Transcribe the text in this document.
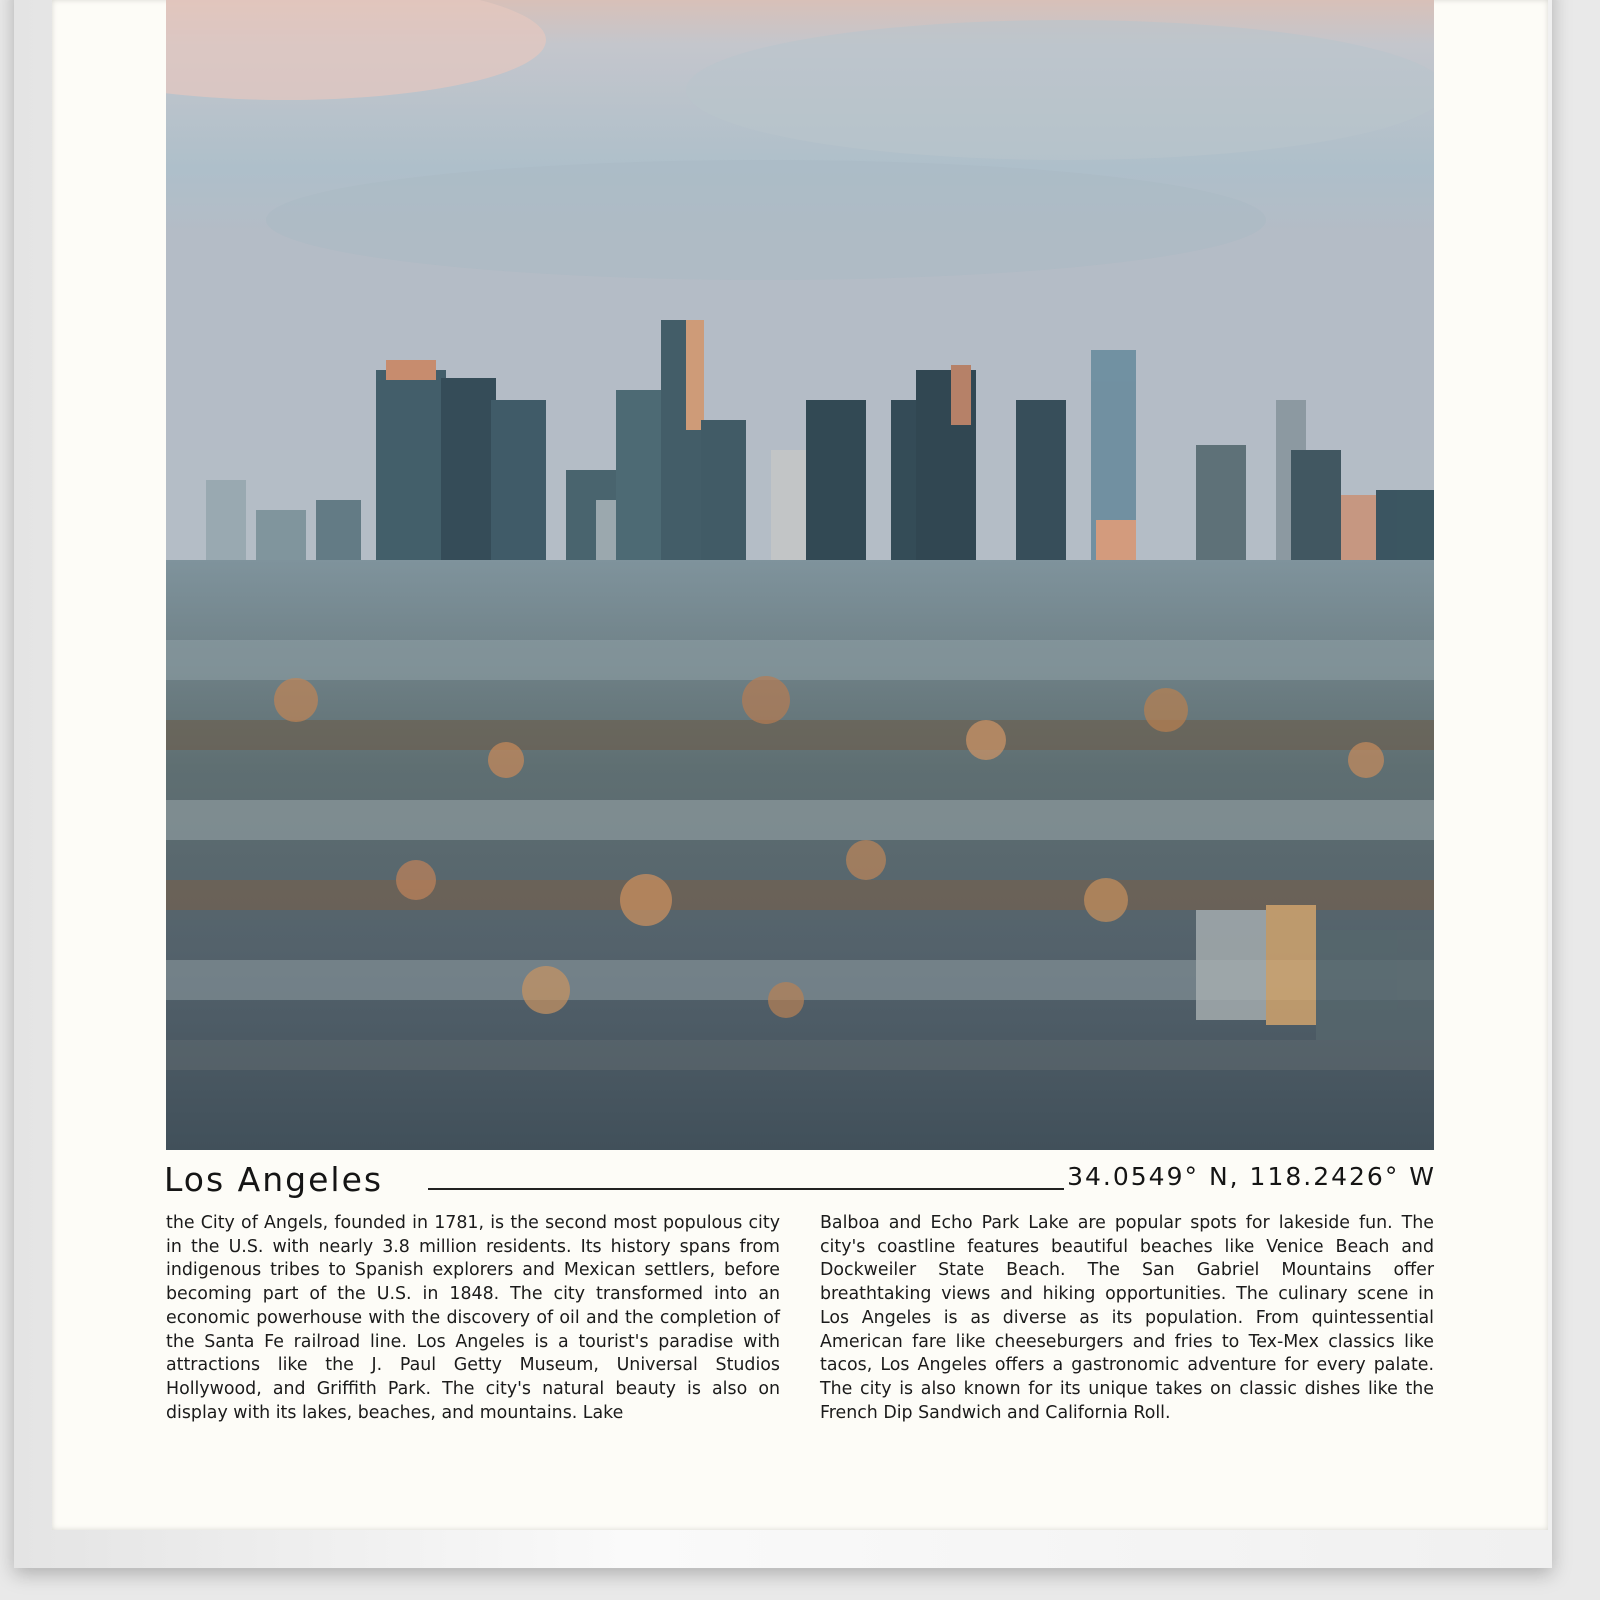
Los Angeles	34.0549° N, 118.2426° W
the City of Angels, founded in 1781, is the second most populous city in the U.S. with nearly 3.8 million residents. Its history spans from indigenous tribes to Spanish explorers and Mexican settlers, before becoming part of the U.S. in 1848. The city transformed into an economic powerhouse with the discovery of oil and the completion of the Santa Fe railroad line. Los Angeles is a tourist's paradise with attractions like the J. Paul Getty Museum, Universal Studios Hollywood, and Griffith Park. The city's natural beauty is also on display with its lakes, beaches, and mountains. Lake
Balboa and Echo Park Lake are popular spots for lakeside fun. The city's coastline features beautiful beaches like Venice Beach and Dockweiler State Beach. The San Gabriel Mountains offer breathtaking views and hiking opportunities. The culinary scene in Los Angeles is as diverse as its population. From quintessential American fare like cheeseburgers and fries to Tex-Mex classics like tacos, Los Angeles offers a gastronomic adventure for every palate. The city is also known for its unique takes on classic dishes like the French Dip Sandwich and California Roll.
